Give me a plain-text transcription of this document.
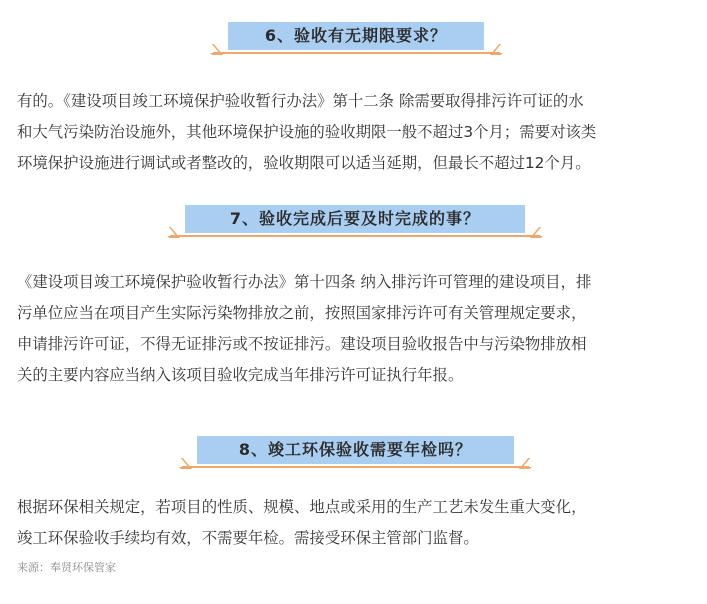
6、验收有无期限要求？

有的。《建设项目竣工环境保护验收暂行办法》第十二条 除需要取得排污许可证的水
和大气污染防治设施外，其他环境保护设施的验收期限一般不超过3个月；需要对该类
环境保护设施进行调试或者整改的，验收期限可以适当延期，但最长不超过12个月。

7、验收完成后要及时完成的事？

《建设项目竣工环境保护验收暂行办法》第十四条 纳入排污许可管理的建设项目，排
污单位应当在项目产生实际污染物排放之前，按照国家排污许可有关管理规定要求，
申请排污许可证，不得无证排污或不按证排污。建设项目验收报告中与污染物排放相
关的主要内容应当纳入该项目验收完成当年排污许可证执行年报。

8、竣工环保验收需要年检吗？

根据环保相关规定，若项目的性质、规模、地点或采用的生产工艺未发生重大变化，
竣工环保验收手续均有效，不需要年检。需接受环保主管部门监督。

来源：奉贤环保管家
